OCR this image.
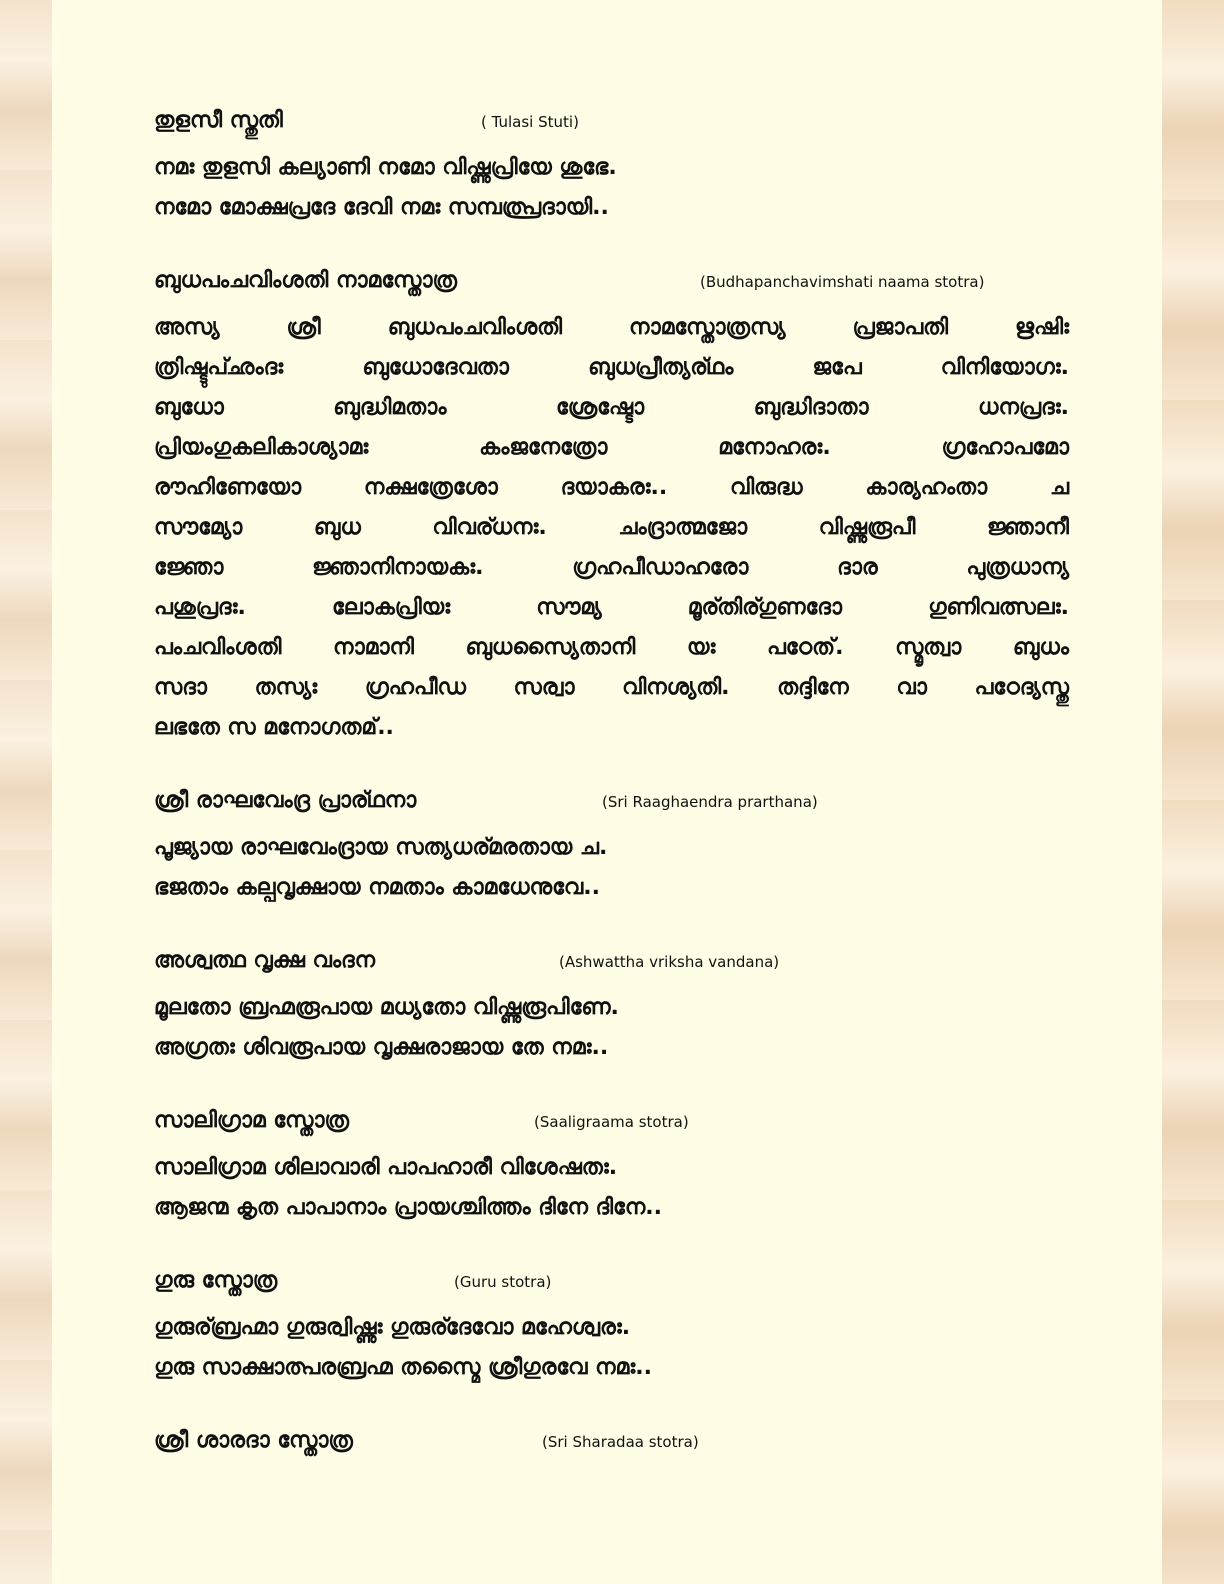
തുളസീ സ്തുതി	( Tulasi Stuti)
നമഃ തുളസി കല്യാണി നമോ വിഷ്ണുപ്രിയേ ശുഭേ.
നമോ മോക്ഷപ്രദേ ദേവി നമഃ സമ്പത്പ്രദായി..
ബുധപംചവിംശതി നാമസ്തോത്ര	(Budhapanchavimshati naama stotra)
അസ്യ	ശ്രീ	ബുധപംചവിംശതി	നാമസ്തോത്രസ്യ	പ്രജാപതി	ഋഷിഃ
ത്രിഷ്ടുപ്ഛംദഃ	ബുധോദേവതാ	ബുധപ്രീത്യര്ഥം	ജപേ	വിനിയോഗഃ.
ബുധോ	ബുദ്ധിമതാം	ശ്രേഷ്ടോ	ബുദ്ധിദാതാ	ധനപ്രദഃ.
പ്രിയംഗുകലികാശ്യാമഃ	കംജനേത്രോ	മനോഹരഃ.	ഗ്രഹോപമോ
രൗഹിണേയോ	നക്ഷത്രേശോ	ദയാകരഃ..	വിരുദ്ധ	കാര്യഹംതാ	ച
സൗമ്യോ	ബുധ	വിവര്ധനഃ.	ചംദ്രാത്മജോ	വിഷ്ണുരൂപീ	ജ്ഞാനീ
ജ്ഞോ	ജ്ഞാനിനായകഃ.	ഗ്രഹപീഡാഹരോ	ദാര	പുത്രധാന്യ
പശുപ്രദഃ.	ലോകപ്രിയഃ	സൗമ്യ	മൂര്തിര്ഗുണദോ	ഗുണിവത്സലഃ.
പംചവിംശതി നാമാനി ബുധസ്യൈതാനി യഃ പഠേത്. സ്മൃത്വാ ബുധം
സദാ തസ്യഃ ഗ്രഹപീഡ സര്വാ വിനശ്യതി. തദ്ദിനേ വാ പഠേദ്യസ്തു
ലഭതേ സ മനോഗതമ്..
ശ്രീ രാഘവേംദ്ര പ്രാര്ഥനാ	(Sri Raaghaendra prarthana)
പൂജ്യായ രാഘവേംദ്രായ സത്യധര്മരതായ ച.
ഭജതാം കല്പവൃക്ഷായ നമതാം കാമധേനുവേ..
അശ്വത്ഥ വൃക്ഷ വംദന	(Ashwattha vriksha vandana)
മൂലതോ ബ്രഹ്മരൂപായ മധ്യതോ വിഷ്ണുരൂപിണേ.
അഗ്രതഃ ശിവരൂപായ വൃക്ഷരാജായ തേ നമഃ..
സാലിഗ്രാമ സ്തോത്ര	(Saaligraama stotra)
സാലിഗ്രാമ ശിലാവാരി പാപഹാരീ വിശേഷതഃ.
ആജന്മ കൃത പാപാനാം പ്രായശ്ചിത്തം ദിനേ ദിനേ..
ഗുരു സ്തോത്ര	(Guru stotra)
ഗുരുര്ബ്രഹ്മാ ഗുരുര്വിഷ്ണുഃ ഗുരുര്ദേവോ മഹേശ്വരഃ.
ഗുരു സാക്ഷാത്പരബ്രഹ്മ തസ്മൈ ശ്രീഗുരവേ നമഃ..
ശ്രീ ശാരദാ സ്തോത്ര	(Sri Sharadaa stotra)
